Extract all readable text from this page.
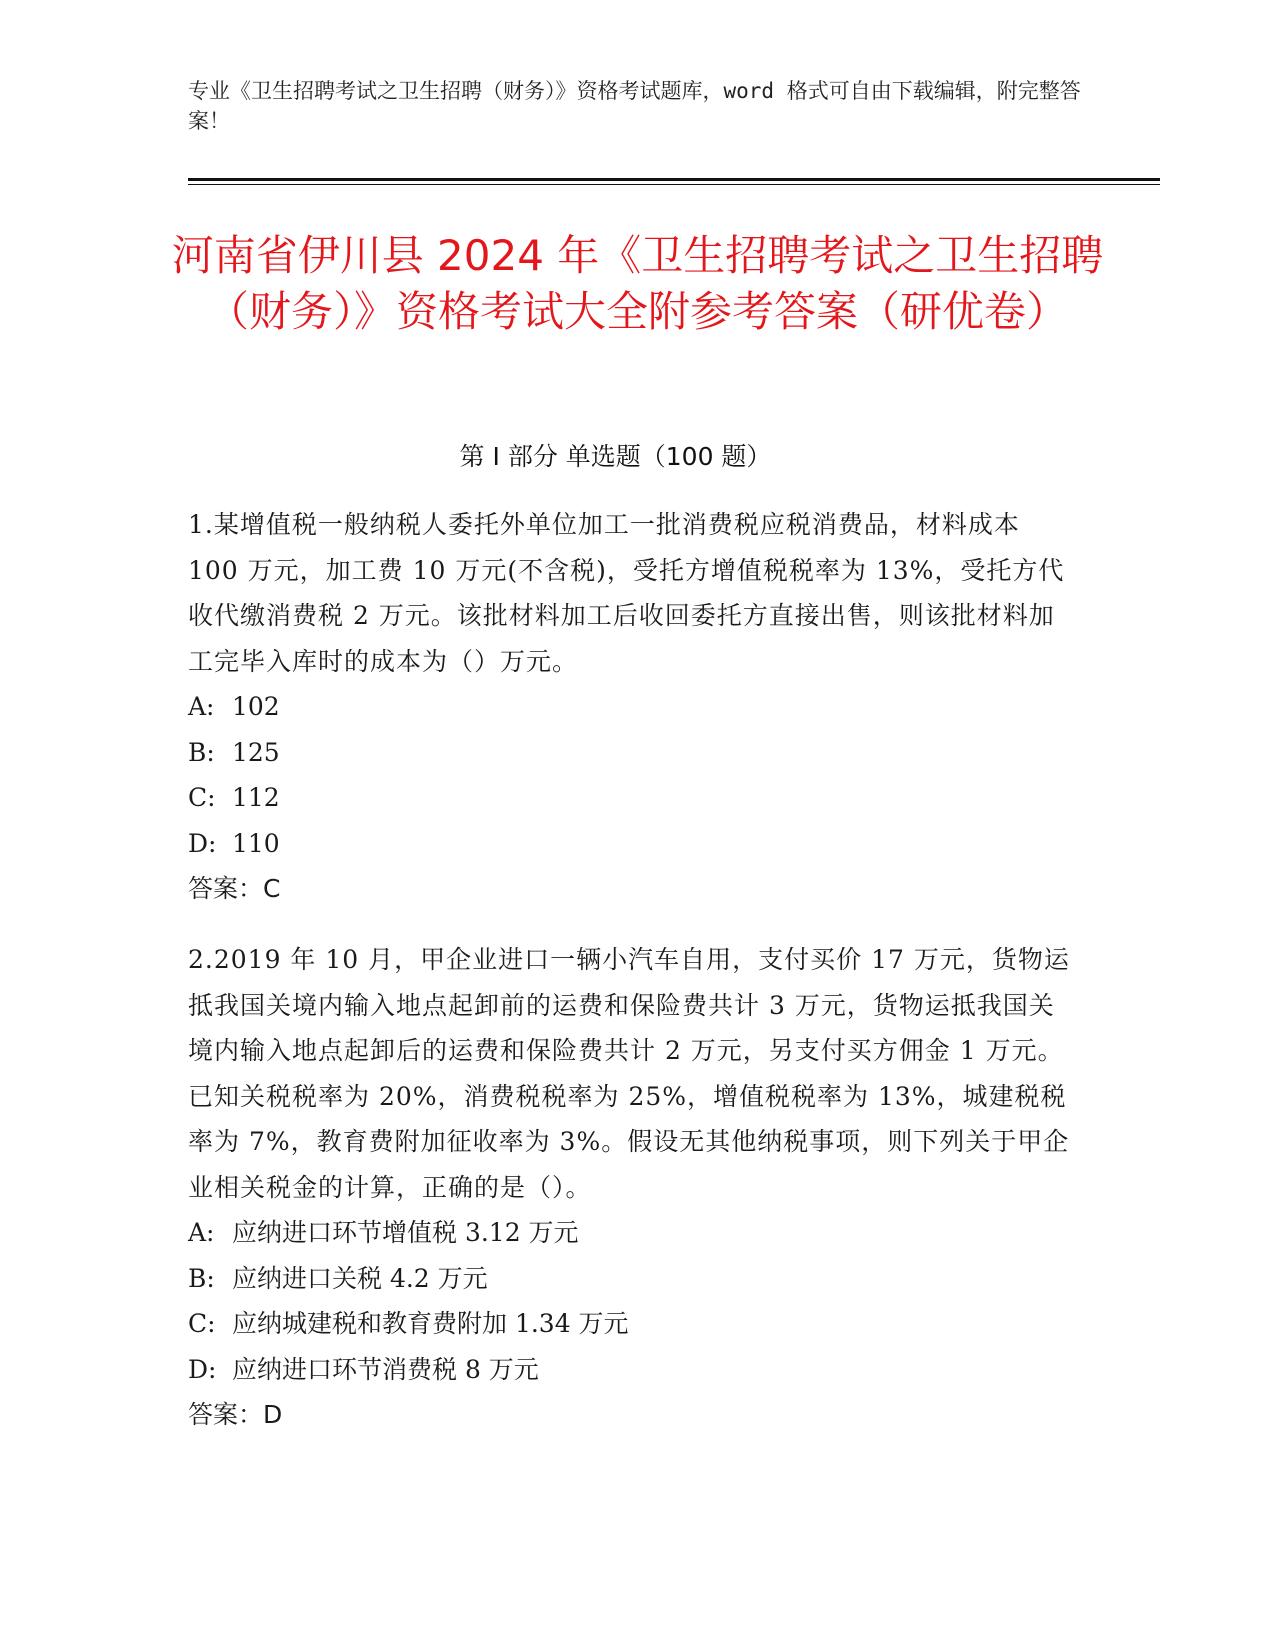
专业《卫生招聘考试之卫生招聘（财务）》资格考试题库，word 格式可自由下载编辑，附完整答案！
河南省伊川县 2024 年《卫生招聘考试之卫生招聘（财务）》资格考试大全附参考答案（研优卷）
第 I 部分 单选题（100 题）

1.某增值税一般纳税人委托外单位加工一批消费税应税消费品，材料成本 100 万元，加工费 10 万元(不含税)，受托方增值税税率为 13%，受托方代收代缴消费税 2 万元。该批材料加工后收回委托方直接出售，则该批材料加工完毕入库时的成本为（）万元。

A: 102
B: 125
C: 112
D: 110
答案：C

2.2019 年 10 月，甲企业进口一辆小汽车自用，支付买价 17 万元，货物运抵我国关境内输入地点起卸前的运费和保险费共计 3 万元，货物运抵我国关境内输入地点起卸后的运费和保险费共计 2 万元，另支付买方佣金 1 万元。已知关税税率为 20%，消费税税率为 25%，增值税税率为 13%，城建税税率为 7%，教育费附加征收率为 3%。假设无其他纳税事项，则下列关于甲企业相关税金的计算，正确的是（）。

A: 应纳进口环节增值税 3.12 万元
B: 应纳进口关税 4.2 万元
C: 应纳城建税和教育费附加 1.34 万元
D: 应纳进口环节消费税 8 万元
答案：D
